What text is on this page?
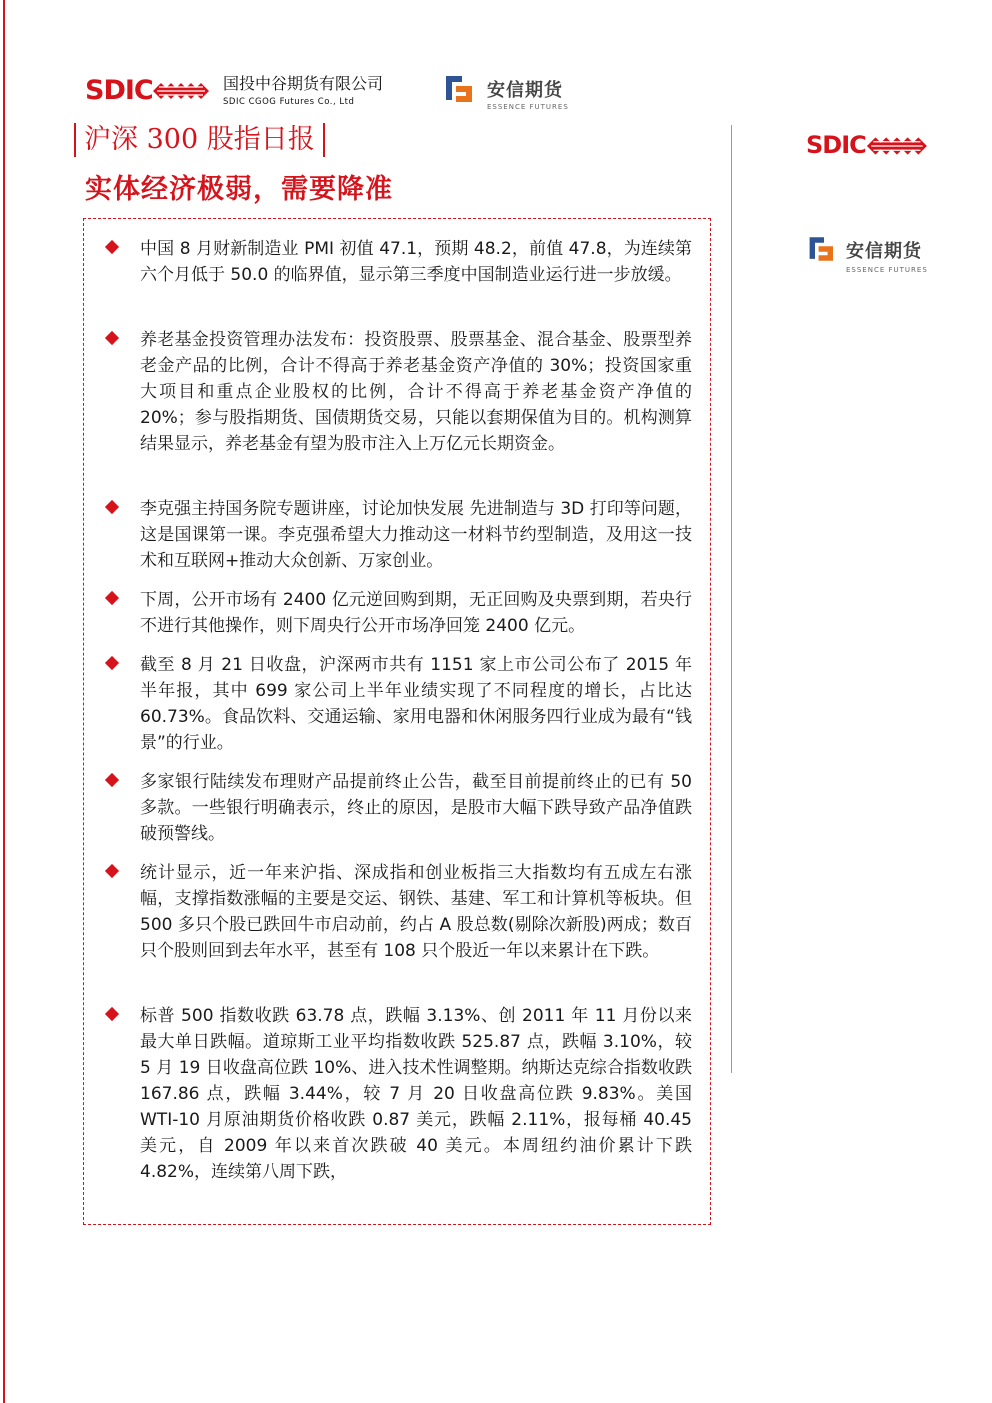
SDIC	国投中谷期货有限公司
SDIC CGOG Futures Co., Ltd
安信期货
ESSENCE FUTURES
沪深 300 股指日报
实体经济极弱，需要降准
中国 8 月财新制造业 PMI 初值 47.1，预期 48.2，前值 47.8，为连续第六个月低于 50.0 的临界值，显示第三季度中国制造业运行进一步放缓。
养老基金投资管理办法发布：投资股票、股票基金、混合基金、股票型养老金产品的比例，合计不得高于养老基金资产净值的 30%；投资国家重大项目和重点企业股权的比例，合计不得高于养老基金资产净值的 20%；参与股指期货、国债期货交易，只能以套期保值为目的。机构测算结果显示，养老基金有望为股市注入上万亿元长期资金。
李克强主持国务院专题讲座，讨论加快发展 先进制造与 3D 打印等问题，这是国课第一课。李克强希望大力推动这一材料节约型制造，及用这一技术和互联网+推动大众创新、万家创业。
下周，公开市场有 2400 亿元逆回购到期，无正回购及央票到期，若央行不进行其他操作，则下周央行公开市场净回笼 2400 亿元。
截至 8 月 21 日收盘，沪深两市共有 1151 家上市公司公布了 2015 年半年报，其中 699 家公司上半年业绩实现了不同程度的增长，占比达 60.73%。食品饮料、交通运输、家用电器和休闲服务四行业成为最有“钱景”的行业。
多家银行陆续发布理财产品提前终止公告，截至目前提前终止的已有 50 多款。一些银行明确表示，终止的原因，是股市大幅下跌导致产品净值跌破预警线。
统计显示，近一年来沪指、深成指和创业板指三大指数均有五成左右涨幅，支撑指数涨幅的主要是交运、钢铁、基建、军工和计算机等板块。但 500 多只个股已跌回牛市启动前，约占 A 股总数(剔除次新股)两成；数百只个股则回到去年水平，甚至有 108 只个股近一年以来累计在下跌。
标普 500 指数收跌 63.78 点，跌幅 3.13%、创 2011 年 11 月份以来最大单日跌幅。道琼斯工业平均指数收跌 525.87 点，跌幅 3.10%，较 5 月 19 日收盘高位跌 10%、进入技术性调整期。纳斯达克综合指数收跌 167.86 点，跌幅 3.44%，较 7 月 20 日收盘高位跌 9.83%。美国 WTI-10 月原油期货价格收跌 0.87 美元，跌幅 2.11%，报每桶 40.45 美元，自 2009 年以来首次跌破 40 美元。本周纽约油价累计下跌 4.82%，连续第八周下跌，
SDIC
安信期货
ESSENCE FUTURES
